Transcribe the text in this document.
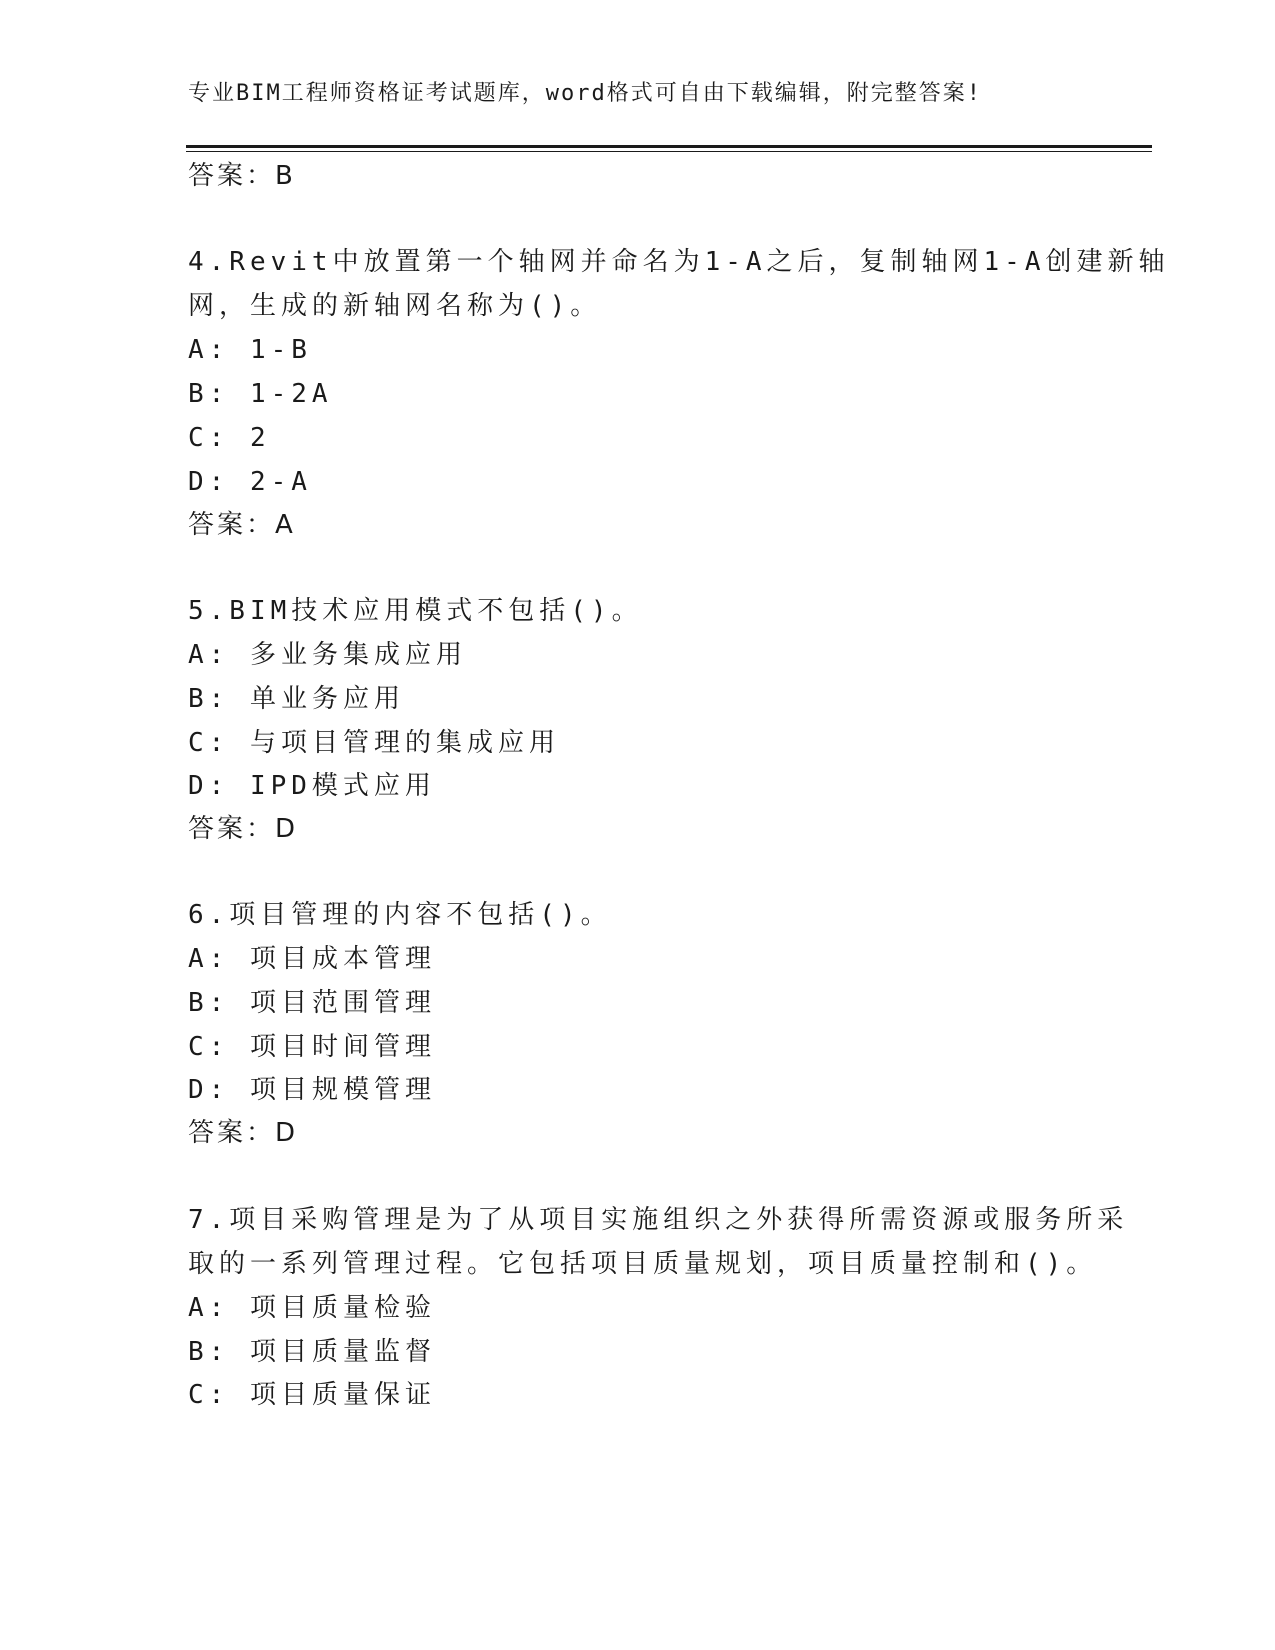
专业BIM工程师资格证考试题库，word格式可自由下载编辑，附完整答案!
答案：B
4.Revit中放置第一个轴网并命名为1-A之后，复制轴网1-A创建新轴
网，生成的新轴网名称为()。
A: 1-B
B: 1-2A
C: 2
D: 2-A
答案：A
5.BIM技术应用模式不包括()。
A: 多业务集成应用
B: 单业务应用
C: 与项目管理的集成应用
D: IPD模式应用
答案：D
6.项目管理的内容不包括()。
A: 项目成本管理
B: 项目范围管理
C: 项目时间管理
D: 项目规模管理
答案：D
7.项目采购管理是为了从项目实施组织之外获得所需资源或服务所采
取的一系列管理过程。它包括项目质量规划，项目质量控制和()。
A: 项目质量检验
B: 项目质量监督
C: 项目质量保证
